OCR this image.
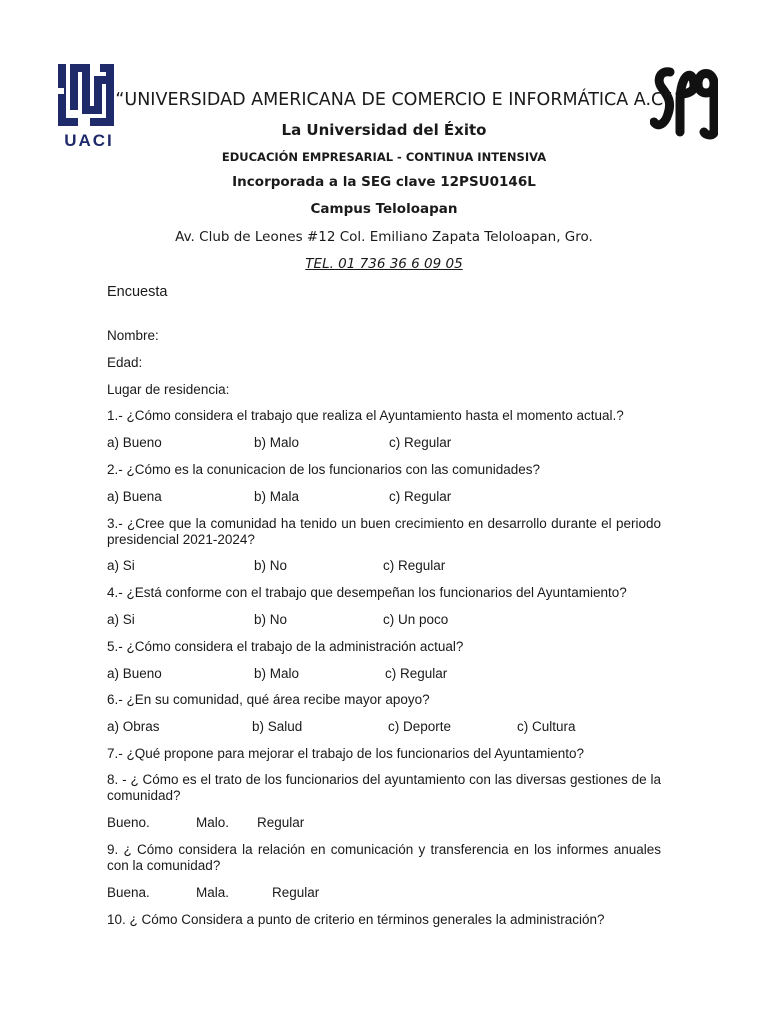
UACI
“UNIVERSIDAD AMERICANA DE COMERCIO E INFORMÁTICA A.C”
La Universidad del Éxito
EDUCACIÓN EMPRESARIAL - CONTINUA INTENSIVA
Incorporada a la SEG clave 12PSU0146L
Campus Teloloapan
Av. Club de Leones #12 Col. Emiliano Zapata Teloloapan, Gro.
TEL. 01 736 36 6 09 05
Encuesta
Nombre:
Edad:
Lugar de residencia:
1.- ¿Cómo considera el trabajo que realiza el Ayuntamiento hasta el momento actual.?
a) Bueno	b) Malo	c) Regular
2.- ¿Cómo es la conunicacion de los funcionarios con las comunidades?
a) Buena	b) Mala	c) Regular
3.- ¿Cree que la comunidad ha tenido un buen crecimiento en desarrollo durante el periodo presidencial 2021-2024?
a) Si	b) No	c) Regular
4.- ¿Está conforme con el trabajo que desempeñan los funcionarios del Ayuntamiento?
a) Si	b) No	c) Un poco
5.- ¿Cómo considera el trabajo de la administración actual?
a) Bueno	b) Malo	c) Regular
6.- ¿En su comunidad, qué área recibe mayor apoyo?
a) Obras	b) Salud	c) Deporte	c) Cultura
7.- ¿Qué propone para mejorar el trabajo de los funcionarios del Ayuntamiento?
8. - ¿ Cómo es el trato de los funcionarios del ayuntamiento con las diversas gestiones de la comunidad?
Bueno.	Malo. Regular
9. ¿ Cómo considera la relación en comunicación y transferencia en los informes anuales con la comunidad?
Buena.	Mala.	Regular
10. ¿ Cómo Considera a punto de criterio en términos generales la administración?
